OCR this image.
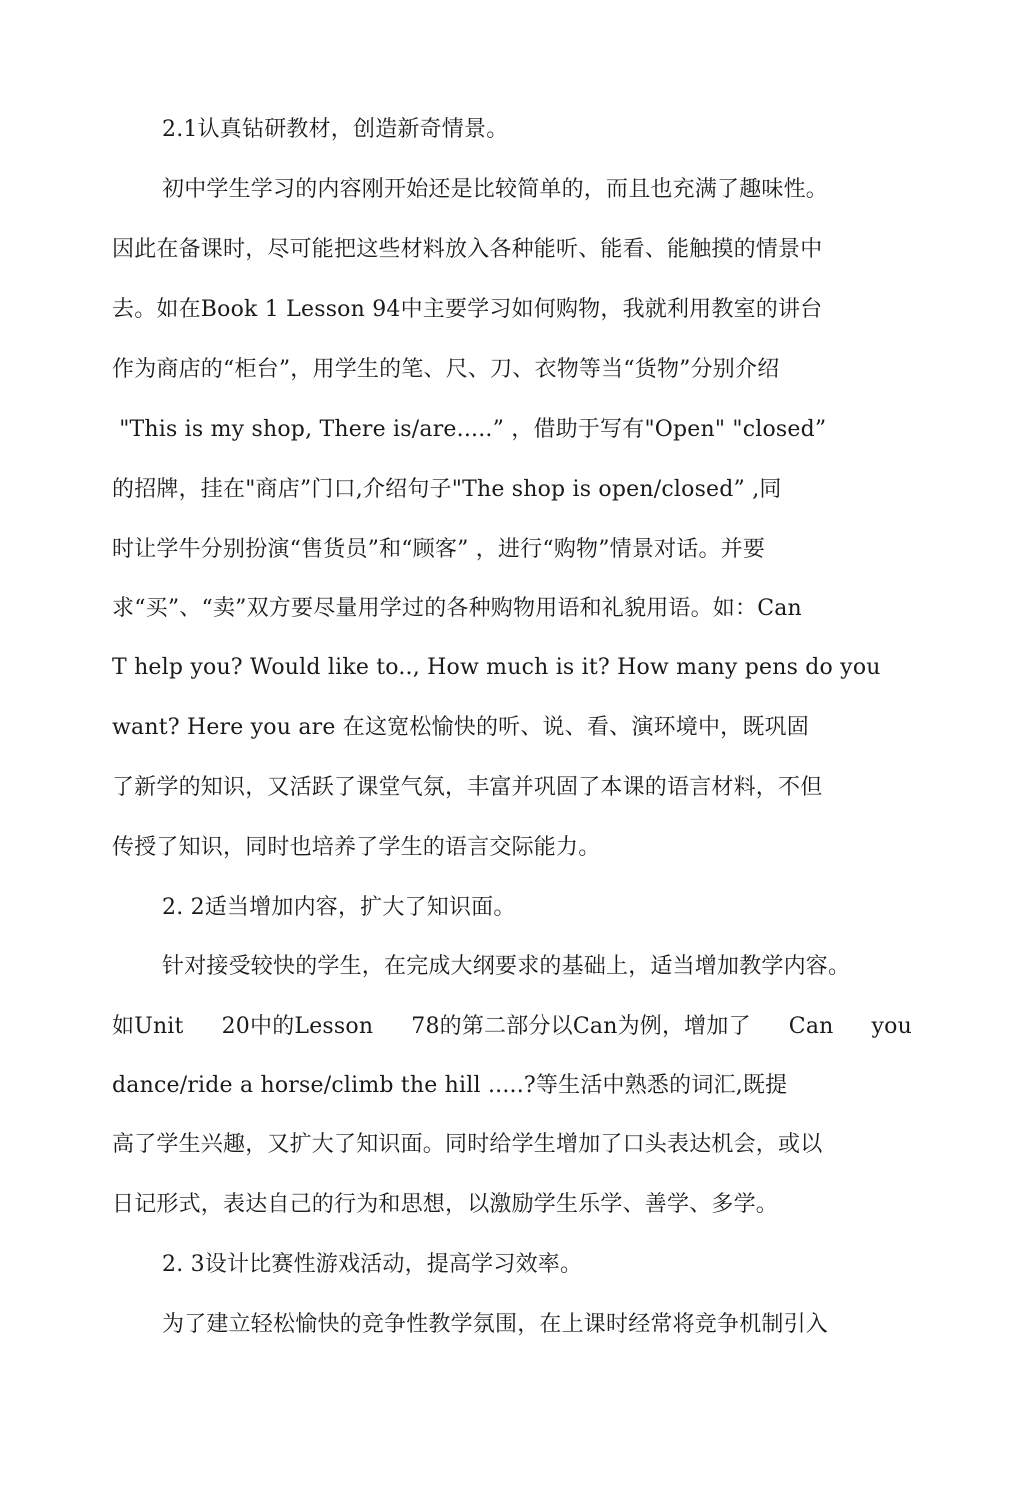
2.1认真钻研教材，创造新奇情景。
初中学生学习的内容刚开始还是比较简单的，而且也充满了趣味性。
因此在备课时，尽可能把这些材料放入各种能听、能看、能触摸的情景中
去。如在Book 1 Lesson 94中主要学习如何购物，我就利用教室的讲台
作为商店的“柜台”，用学生的笔、尺、刀、衣物等当“货物”分别介绍
"This is my shop, There is/are.....” ，借助于写有"Open" "closed”
的招牌，挂在"商店”门口,介绍句子"The shop is open/closed” ,同
时让学牛分别扮演“售货员”和“顾客” ，进行“购物”情景对话。并要
求“买”、“卖”双方要尽量用学过的各种购物用语和礼貌用语。如：Can
T help you? Would like to.., How much is it? How many pens do you
want? Here you are 在这宽松愉快的听、说、看、演环境中，既巩固
了新学的知识，又活跃了课堂气氛，丰富并巩固了本课的语言材料，不但
传授了知识，同时也培养了学生的语言交际能力。
2. 2适当增加内容，扩大了知识面。
针对接受较快的学生，在完成大纲要求的基础上，适当增加教学内容。
如Unit 20中的Lesson 78的第二部分以Can为例，增加了 Can you
dance/ride a horse/climb the hill .....?等生活中熟悉的词汇,既提
高了学生兴趣，又扩大了知识面。同时给学生增加了口头表达机会，或以
日记形式，表达自己的行为和思想，以激励学生乐学、善学、多学。
2. 3设计比赛性游戏活动，提高学习效率。
为了建立轻松愉快的竞争性教学氛围，在上课时经常将竞争机制引入
